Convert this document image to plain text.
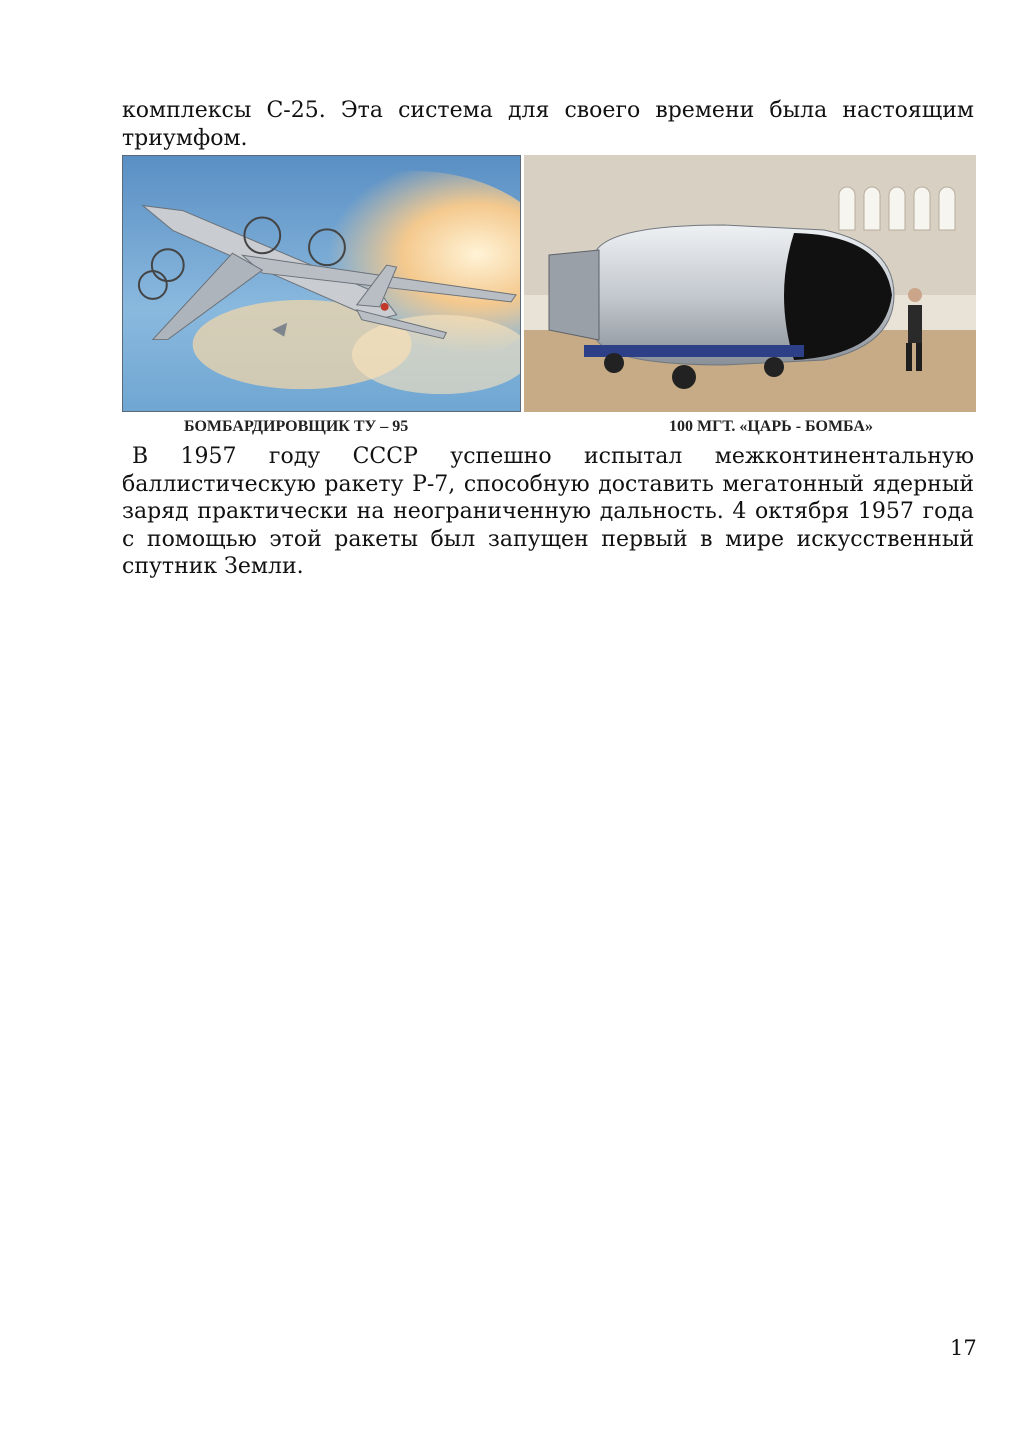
комплексы С-25. Эта система для своего времени была настоящим триумфом.

БОМБАРДИРОВЩИК ТУ – 95	100 МГТ. «ЦАРЬ - БОМБА»

В 1957 году СССР успешно испытал межконтинентальную баллистическую ракету Р-7, способную доставить мегатонный ядерный заряд практически на неограниченную дальность. 4 октября 1957 года с помощью этой ракеты был запущен первый в мире искусственный спутник Земли.

17
